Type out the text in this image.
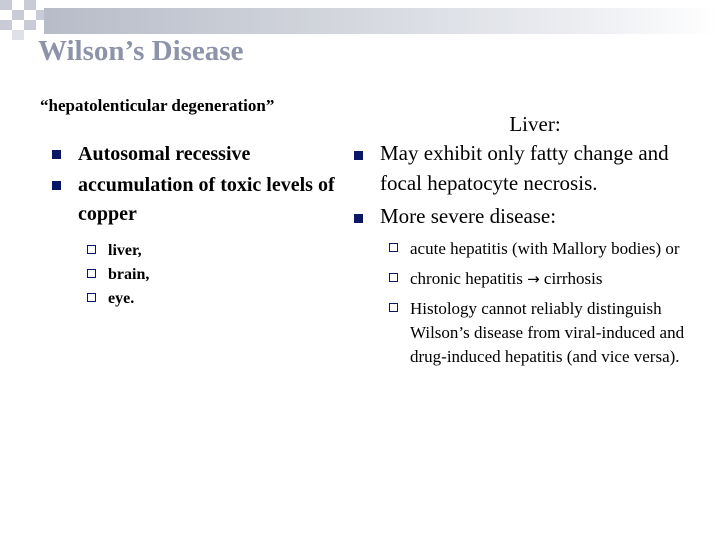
Wilson’s Disease

“hepatolenticular degeneration”

Autosomal recessive
accumulation of toxic levels of copper
liver,
brain,
eye.

Liver:

May exhibit only fatty change and focal hepatocyte necrosis.
More severe disease:
acute hepatitis (with Mallory bodies) or
chronic hepatitis → cirrhosis
Histology cannot reliably distinguish Wilson’s disease from viral-induced and drug-induced hepatitis (and vice versa).
